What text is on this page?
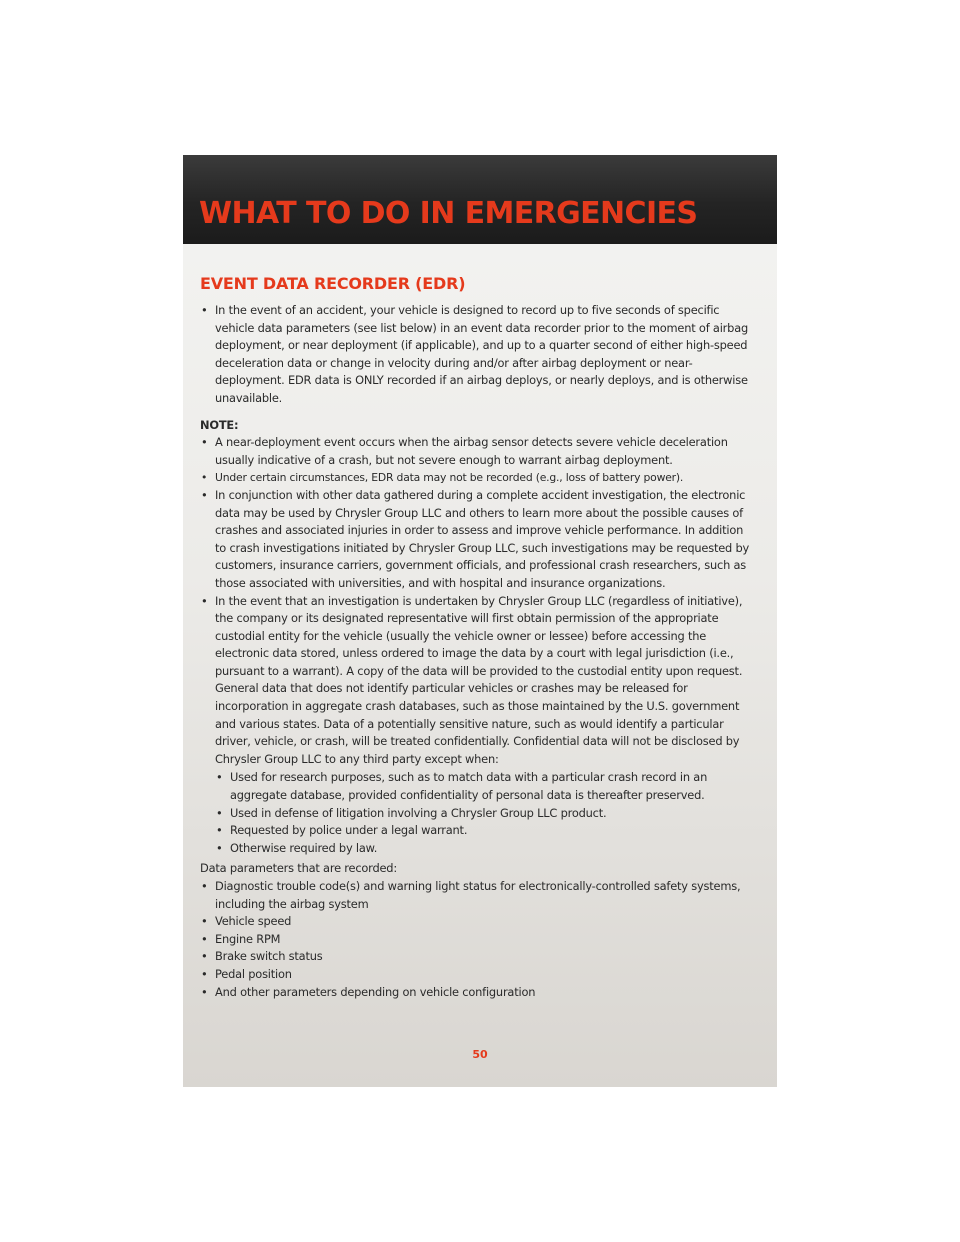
WHAT TO DO IN EMERGENCIES
EVENT DATA RECORDER (EDR)
• In the event of an accident, your vehicle is designed to record up to five seconds of specific vehicle data parameters (see list below) in an event data recorder prior to the moment of airbag deployment, or near deployment (if applicable), and up to a quarter second of either high-speed deceleration data or change in velocity during and/or after airbag deployment or near-deployment. EDR data is ONLY recorded if an airbag deploys, or nearly deploys, and is otherwise unavailable.

NOTE:

• A near-deployment event occurs when the airbag sensor detects severe vehicle deceleration usually indicative of a crash, but not severe enough to warrant airbag deployment.
• Under certain circumstances, EDR data may not be recorded (e.g., loss of battery power).
• In conjunction with other data gathered during a complete accident investigation, the electronic data may be used by Chrysler Group LLC and others to learn more about the possible causes of crashes and associated injuries in order to assess and improve vehicle performance. In addition to crash investigations initiated by Chrysler Group LLC, such investigations may be requested by customers, insurance carriers, government officials, and professional crash researchers, such as those associated with universities, and with hospital and insurance organizations.
• In the event that an investigation is undertaken by Chrysler Group LLC (regardless of initiative), the company or its designated representative will first obtain permission of the appropriate custodial entity for the vehicle (usually the vehicle owner or lessee) before accessing the electronic data stored, unless ordered to image the data by a court with legal jurisdiction (i.e., pursuant to a warrant). A copy of the data will be provided to the custodial entity upon request. General data that does not identify particular vehicles or crashes may be released for incorporation in aggregate crash databases, such as those maintained by the U.S. government and various states. Data of a potentially sensitive nature, such as would identify a particular driver, vehicle, or crash, will be treated confidentially. Confidential data will not be disclosed by Chrysler Group LLC to any third party except when:
• Used for research purposes, such as to match data with a particular crash record in an aggregate database, provided confidentiality of personal data is thereafter preserved.
• Used in defense of litigation involving a Chrysler Group LLC product.
• Requested by police under a legal warrant.
• Otherwise required by law.

Data parameters that are recorded:

• Diagnostic trouble code(s) and warning light status for electronically-controlled safety systems, including the airbag system
• Vehicle speed
• Engine RPM
• Brake switch status
• Pedal position
• And other parameters depending on vehicle configuration
50
